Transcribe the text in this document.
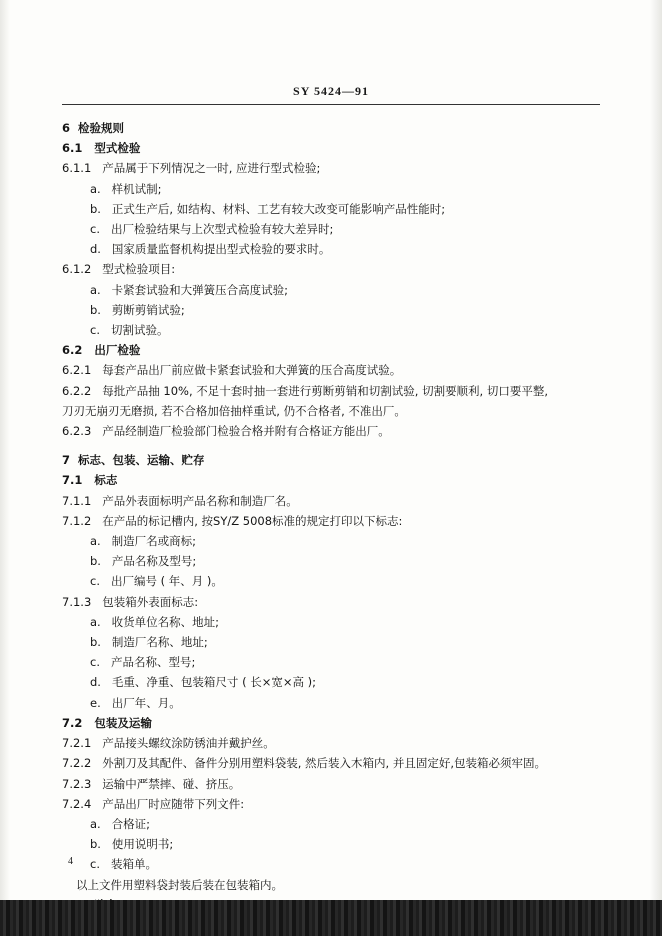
SY 5424—91
6  检验规则
6.1   型式检验
6.1.1   产品属于下列情况之一时, 应进行型式检验;
a.   样机试制;
b.   正式生产后, 如结构、材料、工艺有较大改变可能影响产品性能时;
c.   出厂检验结果与上次型式检验有较大差异时;
d.   国家质量监督机构提出型式检验的要求时。
6.1.2   型式检验项目:
a.   卡紧套试验和大弹簧压合高度试验;
b.   剪断剪销试验;
c.   切割试验。
6.2   出厂检验
6.2.1   每套产品出厂前应做卡紧套试验和大弹簧的压合高度试验。
6.2.2   每批产品抽 10%, 不足十套时抽一套进行剪断剪销和切割试验, 切割要顺利, 切口要平整,
刀刃无崩刃无磨损, 若不合格加倍抽样重试, 仍不合格者, 不准出厂。
6.2.3   产品经制造厂检验部门检验合格并附有合格证方能出厂。
7  标志、包装、运输、贮存
7.1   标志
7.1.1   产品外表面标明产品名称和制造厂名。
7.1.2   在产品的标记槽内, 按SY/Z 5008标准的规定打印以下标志:
a.   制造厂名或商标;
b.   产品名称及型号;
c.   出厂编号 ( 年、月 )。
7.1.3   包装箱外表面标志:
a.   收货单位名称、地址;
b.   制造厂名称、地址;
c.   产品名称、型号;
d.   毛重、净重、包装箱尺寸 ( 长×宽×高 );
e.   出厂年、月。
7.2   包装及运输
7.2.1   产品接头螺纹涂防锈油并戴护丝。
7.2.2   外割刀及其配件、备件分别用塑料袋装, 然后装入木箱内, 并且固定好,包装箱必须牢固。
7.2.3   运输中严禁摔、碰、挤压。
7.2.4   产品出厂时应随带下列文件:
a.   合格证;
b.   使用说明书;
c.   装箱单。
以上文件用塑料袋封装后装在包装箱内。
4
